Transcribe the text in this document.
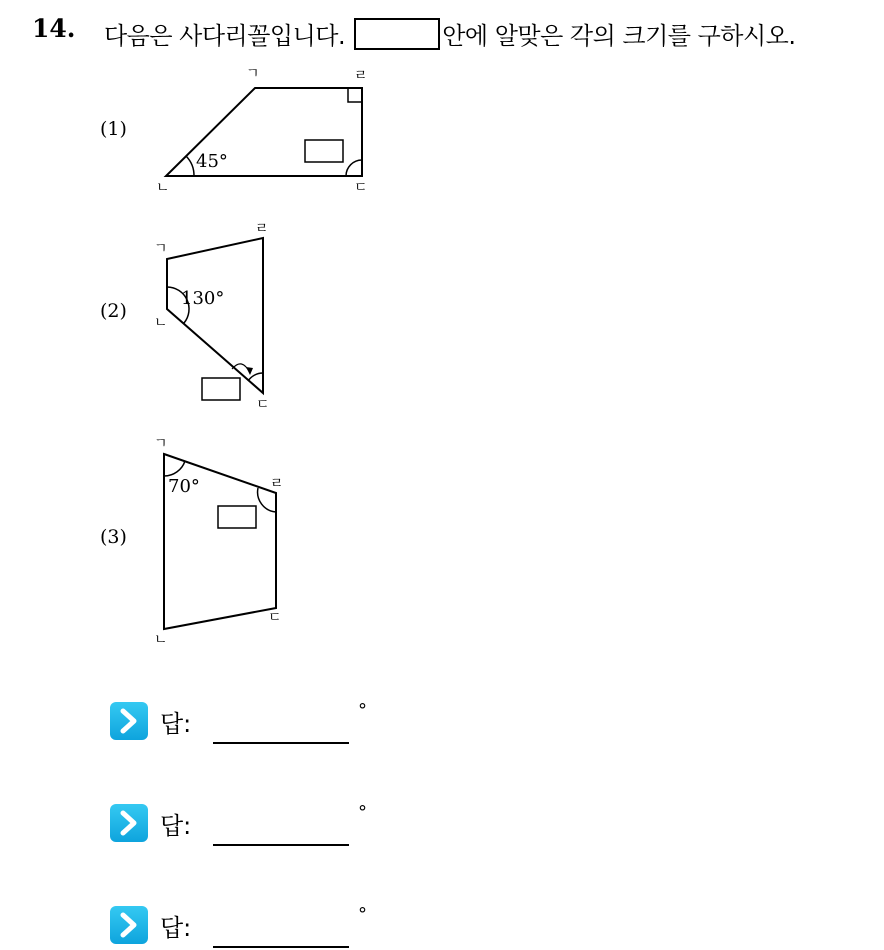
14. 다음은 사다리꼴입니다.	안에 알맞은 각의 크기를 구하시오.
(1)
45°
ㄱ
ㄴ	ㄷ
ㄹ
(2)
130°
ㄱ
ㄴ
ㄷ
ㄹ
(3)
70°
ㄱ
ㄴ
ㄷ
ㄹ
답:	°
답:	°
답:	°
